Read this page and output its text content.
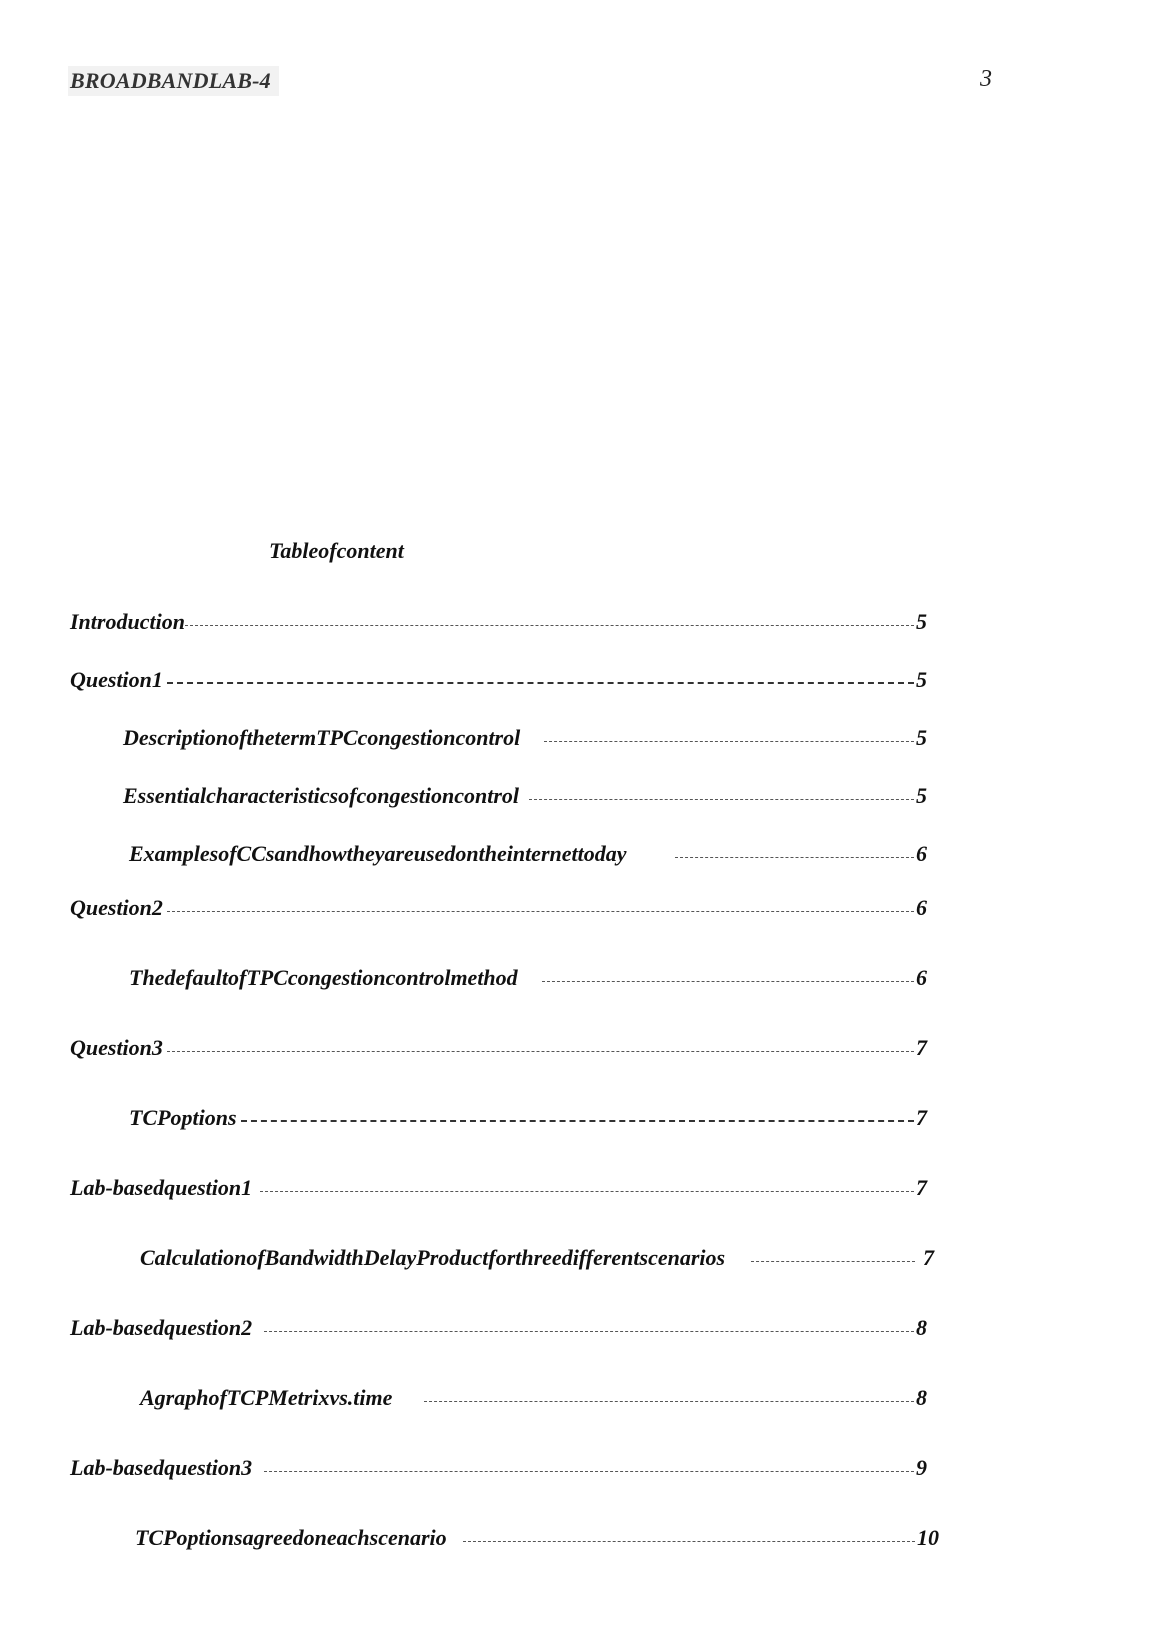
BROADBANDLAB-4	3
Tableofcontent
Introduction	5
Question1	5
DescriptionofthetermTPCcongestioncontrol	5
Essentialcharacteristicsofcongestioncontrol	5
ExamplesofCCsandhowtheyareusedontheinternettoday	6
Question2	6
ThedefaultofTPCcongestioncontrolmethod	6
Question3	7
TCPoptions	7
Lab-basedquestion1	7
CalculationofBandwidthDelayProductforthreedifferentscenarios	7
Lab-basedquestion2	8
AgraphofTCPMetrixvs.time	8
Lab-basedquestion3	9
TCPoptionsagreedoneachscenario	10
